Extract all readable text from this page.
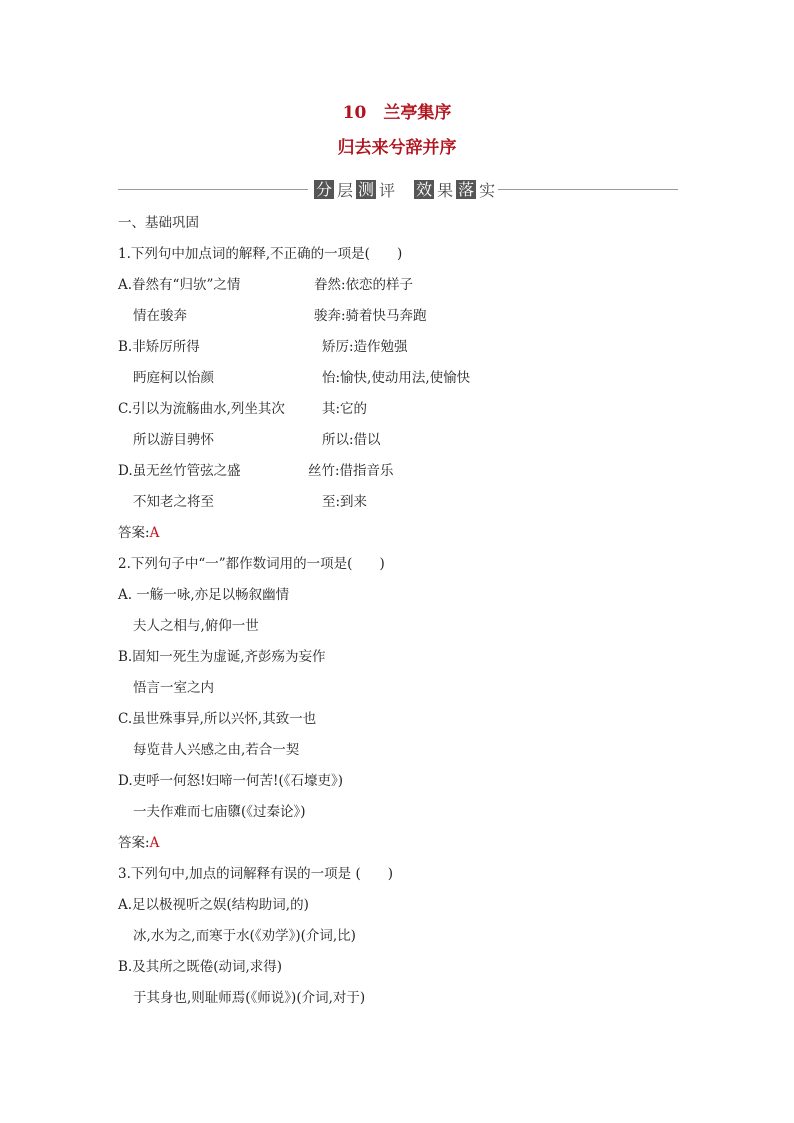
10　兰亭集序
归去来兮辞并序
分 层 测 评 效 果 落 实
一、基础巩固
1.下列句中加点词的解释,不正确的一项是(　　)
A.眷然有“归欤”之情	眷然:依恋的样子
情在骏奔	骏奔:骑着快马奔跑
B.非矫厉所得	矫厉:造作勉强
眄庭柯以怡颜	怡:愉快,使动用法,使愉快
C.引以为流觞曲水,列坐其次	其:它的
所以游目骋怀	所以:借以
D.虽无丝竹管弦之盛	丝竹:借指音乐
不知老之将至	至:到来
答案:A
2.下列句子中“一”都作数词用的一项是(　　)
A. 一觞一咏,亦足以畅叙幽情
夫人之相与,俯仰一世
B.固知一死生为虚诞,齐彭殇为妄作
悟言一室之内
C.虽世殊事异,所以兴怀,其致一也
每览昔人兴感之由,若合一契
D.吏呼一何怒!妇啼一何苦!(《石壕吏》)
一夫作难而七庙隳(《过秦论》)
答案:A
3.下列句中,加点的词解释有误的一项是 (　　)
A.足以极视听之娱(结构助词,的)
冰,水为之,而寒于水(《劝学》)(介词,比)
B.及其所之既倦(动词,求得)
于其身也,则耻师焉(《师说》)(介词,对于)
